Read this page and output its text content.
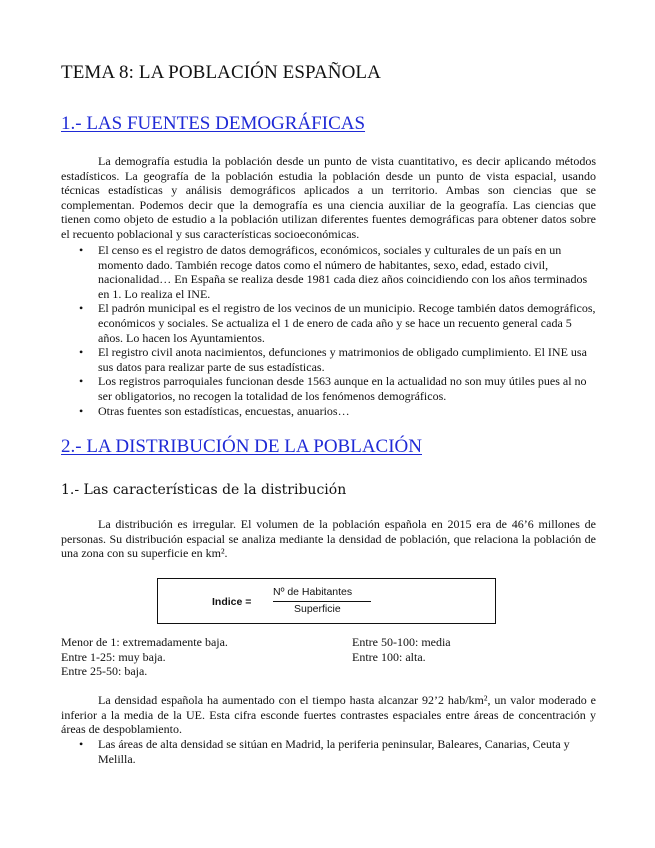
TEMA 8: LA POBLACIÓN ESPAÑOLA
1.- LAS FUENTES DEMOGRÁFICAS

La demografía estudia la población desde un punto de vista cuantitativo, es decir aplicando métodos estadísticos. La geografía de la población estudia la población desde un punto de vista espacial, usando técnicas estadísticas y análisis demográficos aplicados a un territorio. Ambas son ciencias que se complementan. Podemos decir que la demografía es una ciencia auxiliar de la geografía. Las ciencias que tienen como objeto de estudio a la población utilizan diferentes fuentes demográficas para obtener datos sobre el recuento poblacional y sus características socioeconómicas.

• El censo es el registro de datos demográficos, económicos, sociales y culturales de un país en un momento dado. También recoge datos como el número de habitantes, sexo, edad, estado civil, nacionalidad… En España se realiza desde 1981 cada diez años coincidiendo con los años terminados en 1. Lo realiza el INE.
• El padrón municipal es el registro de los vecinos de un municipio. Recoge también datos demográficos, económicos y sociales. Se actualiza el 1 de enero de cada año y se hace un recuento general cada 5 años. Lo hacen los Ayuntamientos.
• El registro civil anota nacimientos, defunciones y matrimonios de obligado cumplimiento. El INE usa sus datos para realizar parte de sus estadísticas.
• Los registros parroquiales funcionan desde 1563 aunque en la actualidad no son muy útiles pues al no ser obligatorios, no recogen la totalidad de los fenómenos demográficos.
• Otras fuentes son estadísticas, encuestas, anuarios…
2.- LA DISTRIBUCIÓN DE LA POBLACIÓN
1.- Las características de la distribución

La distribución es irregular. El volumen de la población española en 2015 era de 46’6 millones de personas. Su distribución espacial se analiza mediante la densidad de población, que relaciona la población de una zona con su superficie en km².

Indice =
Nº de Habitantes
Superficie
Menor de 1: extremadamente baja.
Entre 1-25: muy baja.
Entre 25-50: baja.
Entre 50-100: media
Entre 100: alta.

La densidad española ha aumentado con el tiempo hasta alcanzar 92’2 hab/km², un valor moderado e inferior a la media de la UE. Esta cifra esconde fuertes contrastes espaciales entre áreas de concentración y áreas de despoblamiento.

• Las áreas de alta densidad se sitúan en Madrid, la periferia peninsular, Baleares, Canarias, Ceuta y Melilla.
